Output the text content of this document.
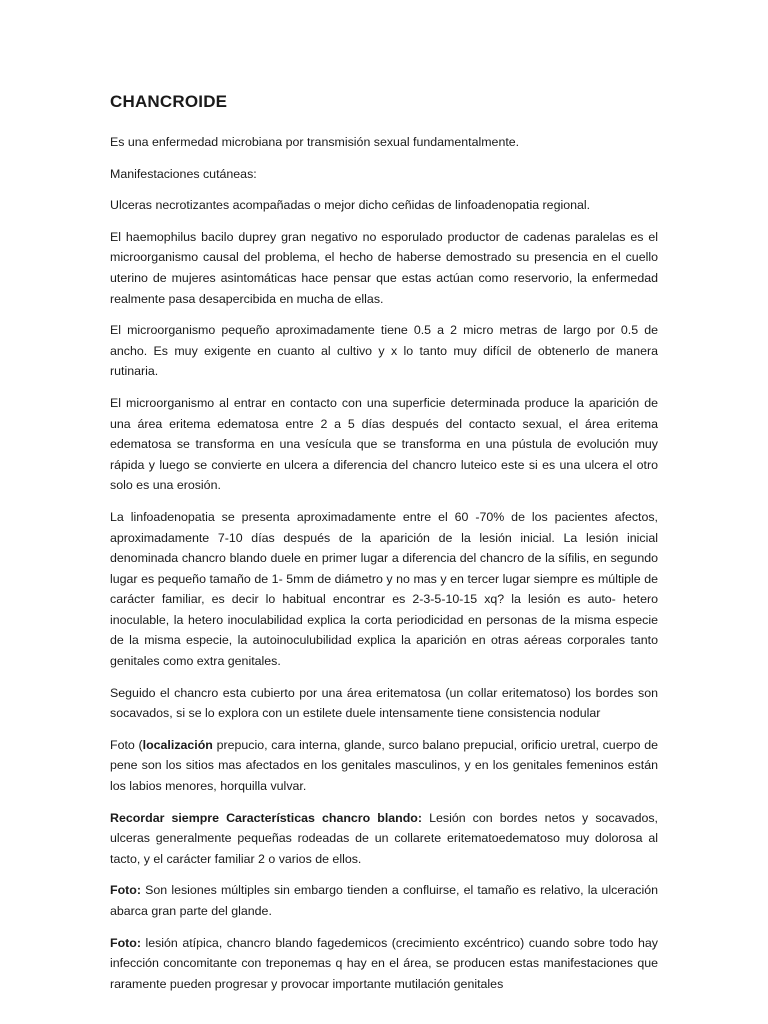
CHANCROIDE

Es una enfermedad microbiana por transmisión sexual fundamentalmente.

Manifestaciones cutáneas:

Ulceras necrotizantes acompañadas o mejor dicho ceñidas de linfoadenopatia regional.

El haemophilus bacilo duprey gran negativo no esporulado productor de cadenas paralelas es el microorganismo causal del problema, el hecho de haberse demostrado su presencia en el cuello uterino de mujeres asintomáticas hace pensar que estas actúan como reservorio, la enfermedad realmente pasa desapercibida en mucha de ellas.

El microorganismo pequeño aproximadamente tiene 0.5 a 2 micro metras de largo por 0.5 de ancho. Es muy exigente en cuanto al cultivo y x lo tanto muy difícil de obtenerlo de manera rutinaria.

El microorganismo al entrar en contacto con una superficie determinada produce la aparición de una área eritema edematosa entre 2 a 5 días después del contacto sexual, el área eritema edematosa se transforma en una vesícula que se transforma en una pústula de evolución muy rápida y luego se convierte en ulcera a diferencia del chancro luteico este si es una ulcera el otro solo es una erosión.

La linfoadenopatia se presenta aproximadamente entre el 60 -70% de los pacientes afectos, aproximadamente 7-10 días después de la aparición de la lesión inicial. La lesión inicial denominada chancro blando duele en primer lugar a diferencia del chancro de la sífilis, en segundo lugar es pequeño tamaño de 1- 5mm de diámetro y no mas y en tercer lugar siempre es múltiple de carácter familiar, es decir lo habitual encontrar es 2-3-5-10-15 xq? la lesión es auto- hetero inoculable, la hetero inoculabilidad explica la corta periodicidad en personas de la misma especie de la misma especie, la autoinoculubilidad explica la aparición en otras aéreas corporales tanto genitales como extra genitales.

Seguido el chancro esta cubierto por una área eritematosa (un collar eritematoso) los bordes son socavados, si se lo explora con un estilete duele intensamente tiene consistencia nodular

Foto (localización prepucio, cara interna, glande, surco balano prepucial, orificio uretral, cuerpo de pene son los sitios mas afectados en los genitales masculinos, y en los genitales femeninos están los labios menores, horquilla vulvar.

Recordar siempre Características chancro blando: Lesión con bordes netos y socavados, ulceras generalmente pequeñas rodeadas de un collarete eritematoedematoso muy dolorosa al tacto, y el carácter familiar 2 o varios de ellos.

Foto: Son lesiones múltiples sin embargo tienden a confluirse, el tamaño es relativo, la ulceración abarca gran parte del glande.

Foto: lesión atípica, chancro blando fagedemicos (crecimiento excéntrico) cuando sobre todo hay infección concomitante con treponemas q hay en el área, se producen estas manifestaciones que raramente pueden progresar y provocar importante mutilación genitales
